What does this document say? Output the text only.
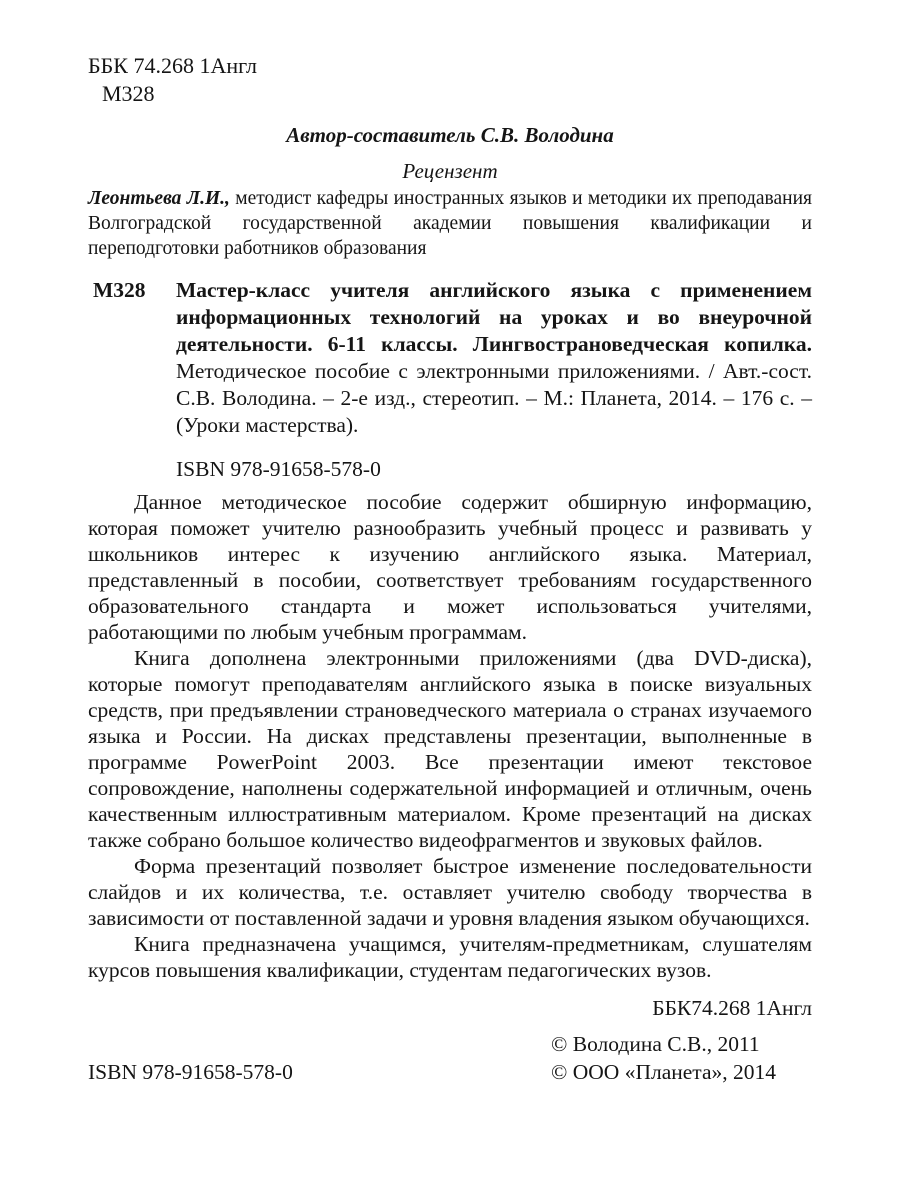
ББК 74.268 1Англ
М328
Автор-составитель С.В. Володина
Рецензент
Леонтьева Л.И., методист кафедры иностранных языков и методики их преподавания Волгоградской государственной академии повышения квалификации и переподготовки работников образования
М328 Мастер-класс учителя английского языка с применением информационных технологий на уроках и во внеурочной деятельности. 6-11 классы. Лингвострановедческая копилка. Методическое пособие с электронными приложениями. / Авт.-сост. С.В. Володина. – 2-е изд., стереотип. – М.: Планета, 2014. – 176 с. – (Уроки мастерства).
ISBN 978-91658-578-0
Данное методическое пособие содержит обширную информацию, которая поможет учителю разнообразить учебный процесс и развивать у школьников интерес к изучению английского языка. Материал, представленный в пособии, соответствует требованиям государственного образовательного стандарта и может использоваться учителями, работающими по любым учебным программам.
Книга дополнена электронными приложениями (два DVD-диска), которые помогут преподавателям английского языка в поиске визуальных средств, при предъявлении страноведческого материала о странах изучаемого языка и России. На дисках представлены презентации, выполненные в программе PowerPoint 2003. Все презентации имеют текстовое сопровождение, наполнены содержательной информацией и отличным, очень качественным иллюстративным материалом. Кроме презентаций на дисках также собрано большое количество видеофрагментов и звуковых файлов.
Форма презентаций позволяет быстрое изменение последовательности слайдов и их количества, т.е. оставляет учителю свободу творчества в зависимости от поставленной задачи и уровня владения языком обучающихся.
Книга предназначена учащимся, учителям-предметникам, слушателям курсов повышения квалификации, студентам педагогических вузов.
ББК74.268 1Англ
ISBN 978-91658-578-0
© Володина С.В., 2011
© ООО «Планета», 2014
